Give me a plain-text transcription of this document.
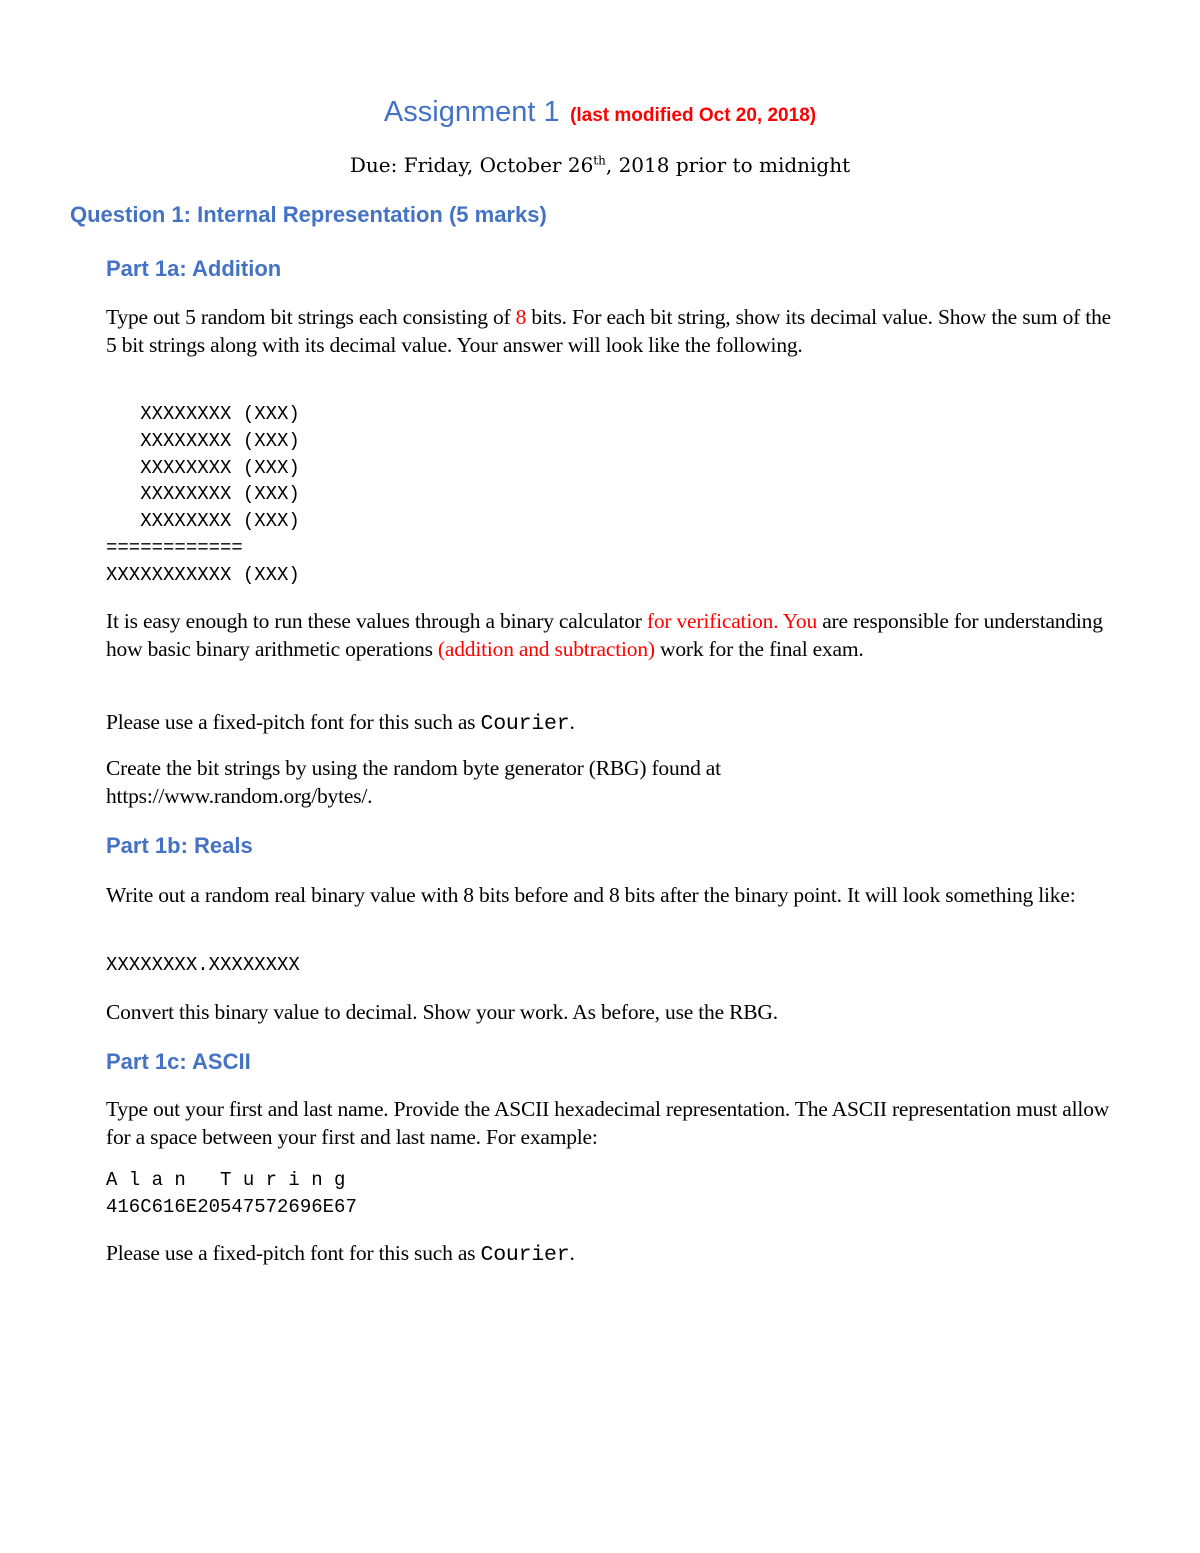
Assignment 1 (last modified Oct 20, 2018)
Due: Friday, October 26th, 2018 prior to midnight
Question 1: Internal Representation (5 marks)
Part 1a: Addition
Type out 5 random bit strings each consisting of 8 bits. For each bit string, show its decimal value. Show the sum of the 5 bit strings along with its decimal value. Your answer will look like the following.
XXXXXXXX (XXX)
XXXXXXXX (XXX)
XXXXXXXX (XXX)
XXXXXXXX (XXX)
XXXXXXXX (XXX)
============
XXXXXXXXXXX (XXX)
It is easy enough to run these values through a binary calculator for verification. You are responsible for understanding how basic binary arithmetic operations (addition and subtraction) work for the final exam.
Please use a fixed-pitch font for this such as Courier.
Create the bit strings by using the random byte generator (RBG) found at https://www.random.org/bytes/.
Part 1b: Reals
Write out a random real binary value with 8 bits before and 8 bits after the binary point. It will look something like:
XXXXXXXX.XXXXXXXX
Convert this binary value to decimal. Show your work. As before, use the RBG.
Part 1c: ASCII
Type out your first and last name. Provide the ASCII hexadecimal representation. The ASCII representation must allow for a space between your first and last name. For example:
A l a n   T u r i n g
416C616E20547572696E67
Please use a fixed-pitch font for this such as Courier.
